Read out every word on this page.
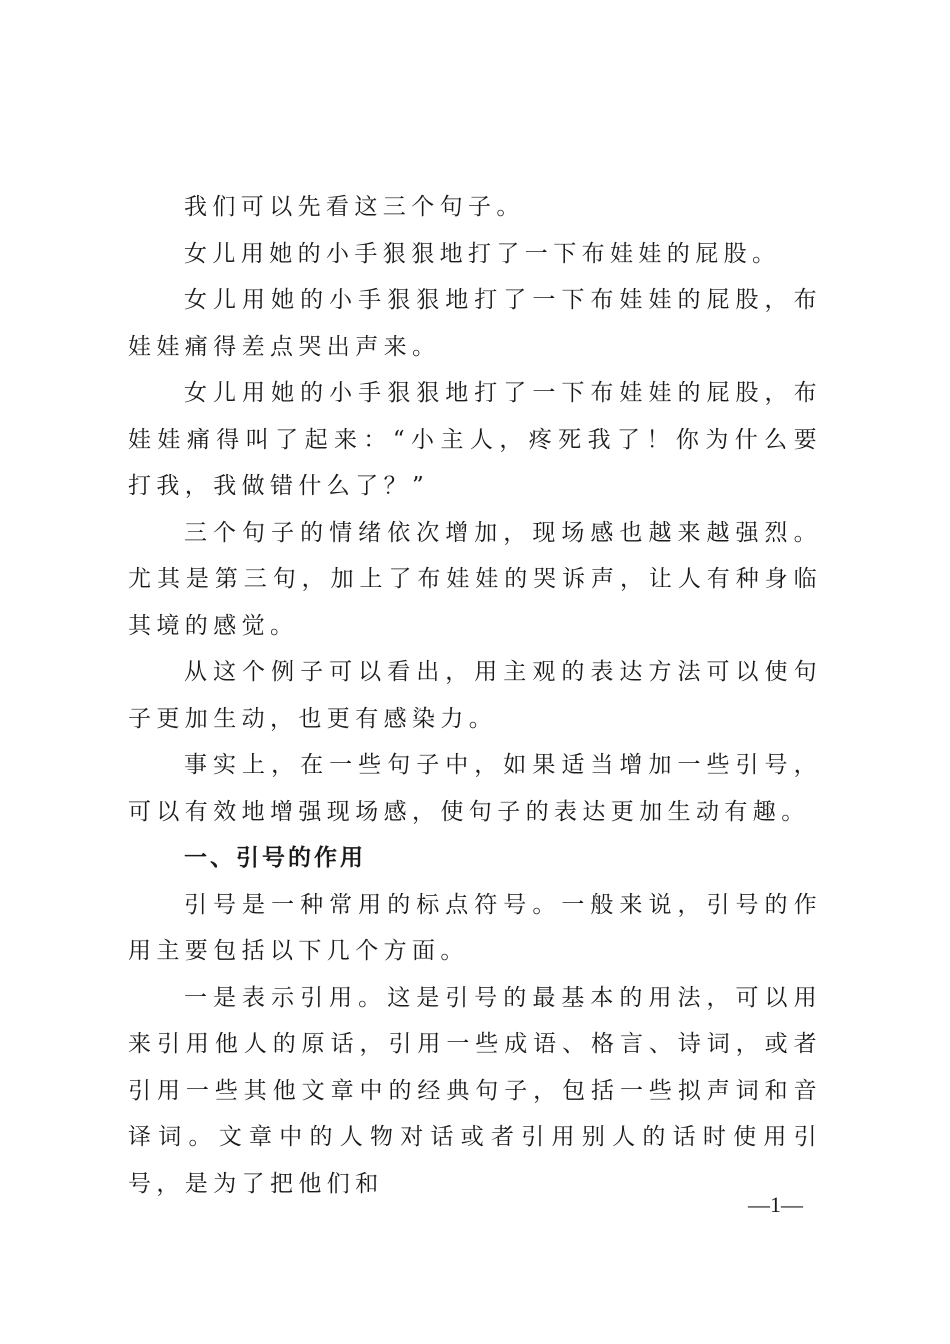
我们可以先看这三个句子。

女儿用她的小手狠狠地打了一下布娃娃的屁股。

女儿用她的小手狠狠地打了一下布娃娃的屁股，布娃娃痛得差点哭出声来。

女儿用她的小手狠狠地打了一下布娃娃的屁股，布娃娃痛得叫了起来：“小主人，疼死我了！你为什么要打我，我做错什么了？”

三个句子的情绪依次增加，现场感也越来越强烈。尤其是第三句，加上了布娃娃的哭诉声，让人有种身临其境的感觉。

从这个例子可以看出，用主观的表达方法可以使句子更加生动，也更有感染力。

事实上，在一些句子中，如果适当增加一些引号，可以有效地增强现场感，使句子的表达更加生动有趣。

一、引号的作用

引号是一种常用的标点符号。一般来说，引号的作用主要包括以下几个方面。

一是表示引用。这是引号的最基本的用法，可以用来引用他人的原话，引用一些成语、格言、诗词，或者引用一些其他文章中的经典句子，包括一些拟声词和音译词。文章中的人物对话或者引用别人的话时使用引号，是为了把他们和

—1—
